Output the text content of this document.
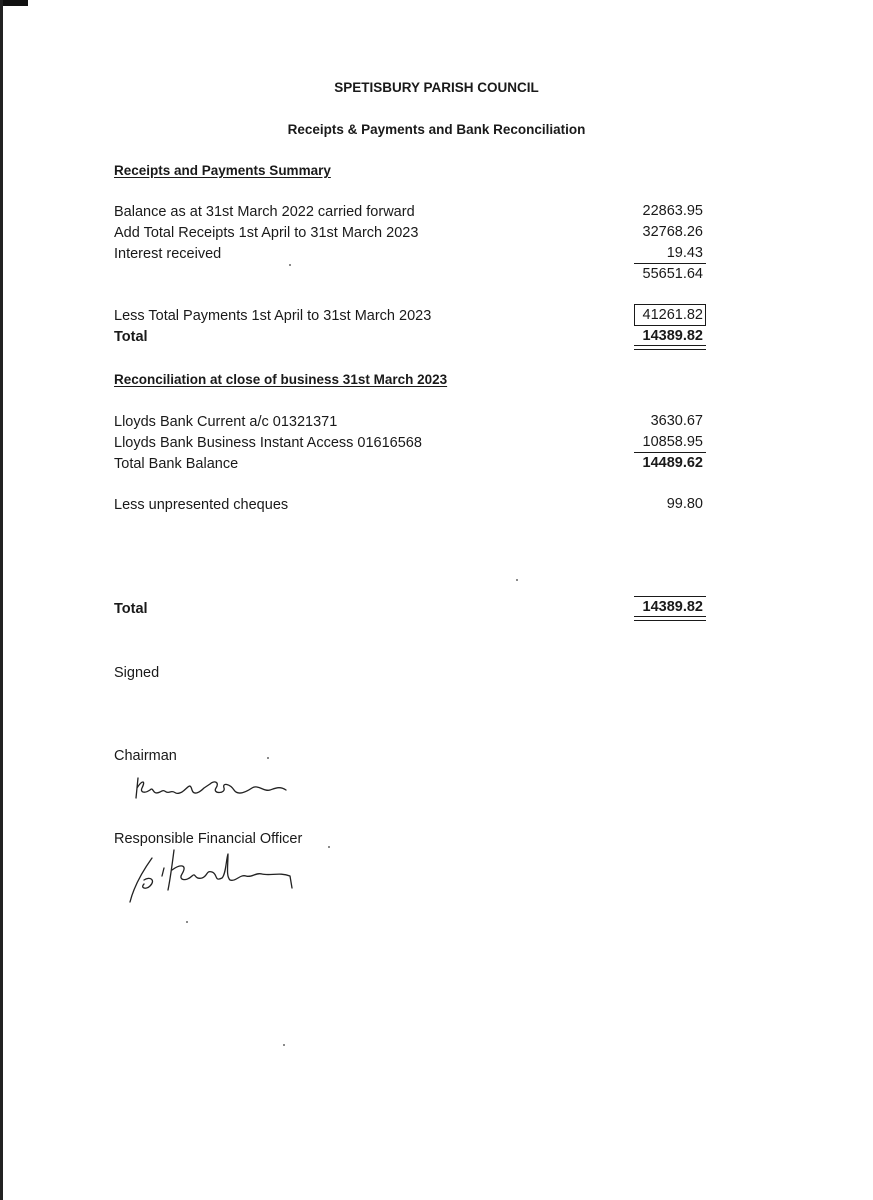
SPETISBURY PARISH COUNCIL
Receipts & Payments and Bank Reconciliation
Receipts and Payments Summary
Balance as at 31st March 2022 carried forward	22863.95
Add Total Receipts 1st April to 31st March 2023	32768.26
Interest received	19.43
55651.64
Less Total Payments 1st April to 31st March 2023	41261.82
Total	14389.82
Reconciliation at close of business 31st March 2023
Lloyds Bank Current a/c 01321371	3630.67
Lloyds Bank Business Instant Access 01616568	10858.95
Total Bank Balance	14489.62
Less unpresented cheques	99.80
Total	14389.82
Signed
Chairman
Responsible Financial Officer
